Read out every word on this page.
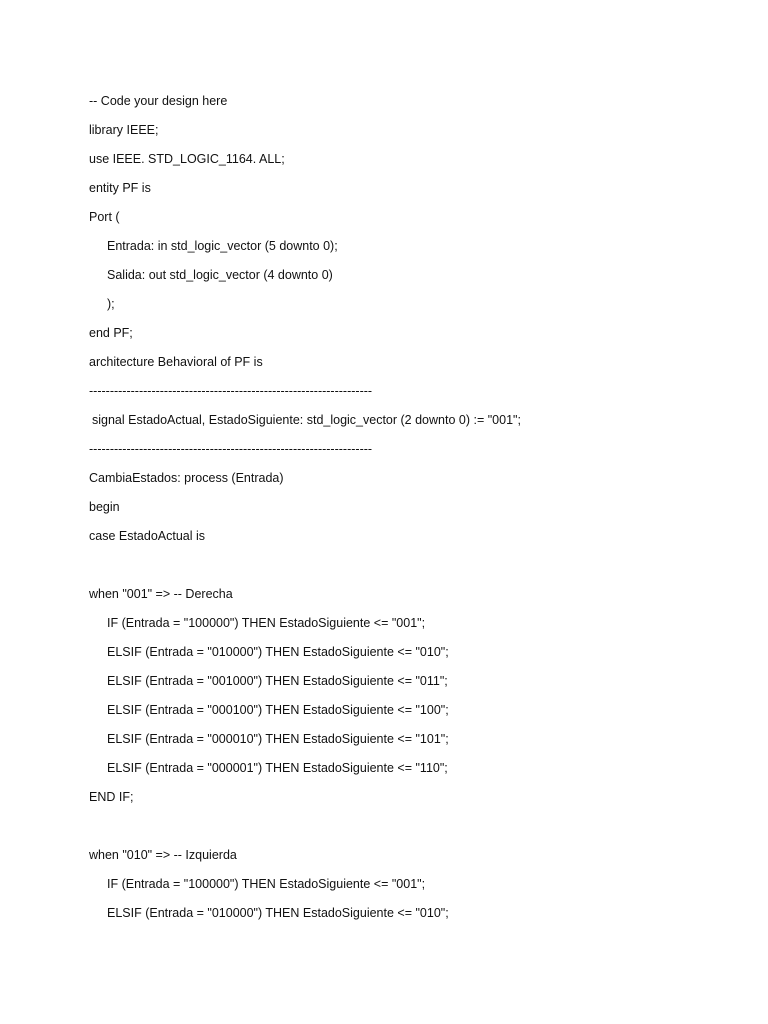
-- Code your design here
library IEEE;
use IEEE. STD_LOGIC_1164. ALL;
entity PF is
Port (
Entrada: in std_logic_vector (5 downto 0);
Salida: out std_logic_vector (4 downto 0)
);
end PF;
architecture Behavioral of PF is
--------------------------------------------------------------------
signal EstadoActual, EstadoSiguiente: std_logic_vector (2 downto 0) := "001";
--------------------------------------------------------------------
CambiaEstados: process (Entrada)
begin
case EstadoActual is
when "001" => -- Derecha
IF (Entrada = "100000") THEN EstadoSiguiente <= "001";
ELSIF (Entrada = "010000") THEN EstadoSiguiente <= "010";
ELSIF (Entrada = "001000") THEN EstadoSiguiente <= "011";
ELSIF (Entrada = "000100") THEN EstadoSiguiente <= "100";
ELSIF (Entrada = "000010") THEN EstadoSiguiente <= "101";
ELSIF (Entrada = "000001") THEN EstadoSiguiente <= "110";
END IF;
when "010" => -- Izquierda
IF (Entrada = "100000") THEN EstadoSiguiente <= "001";
ELSIF (Entrada = "010000") THEN EstadoSiguiente <= "010";
